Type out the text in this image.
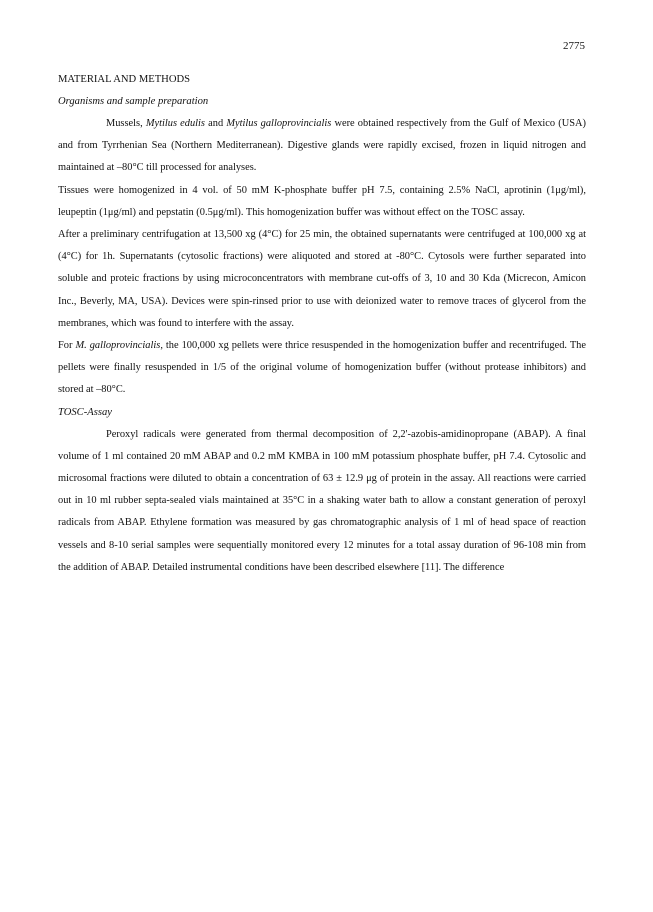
2775
MATERIAL AND METHODS
Organisms and sample preparation

Mussels, Mytilus edulis and Mytilus galloprovincialis were obtained respectively from the Gulf of Mexico (USA) and from Tyrrhenian Sea (Northern Mediterranean). Digestive glands were rapidly excised, frozen in liquid nitrogen and maintained at –80°C till processed for analyses.

Tissues were homogenized in 4 vol. of 50 mM K-phosphate buffer pH 7.5, containing 2.5% NaCl, aprotinin (1μg/ml), leupeptin (1μg/ml) and pepstatin (0.5μg/ml). This homogenization buffer was without effect on the TOSC assay.

After a preliminary centrifugation at 13,500 xg (4°C) for 25 min, the obtained supernatants were centrifuged at 100,000 xg at (4°C) for 1h. Supernatants (cytosolic fractions) were aliquoted and stored at -80°C. Cytosols were further separated into soluble and proteic fractions by using microconcentrators with membrane cut-offs of 3, 10 and 30 Kda (Micrecon, Amicon Inc., Beverly, MA, USA). Devices were spin-rinsed prior to use with deionized water to remove traces of glycerol from the membranes, which was found to interfere with the assay.

For M. galloprovincialis, the 100,000 xg pellets were thrice resuspended in the homogenization buffer and recentrifuged. The pellets were finally resuspended in 1/5 of the original volume of homogenization buffer (without protease inhibitors) and stored at –80°C.

TOSC-Assay

Peroxyl radicals were generated from thermal decomposition of 2,2'-azobis-amidinopropane (ABAP). A final volume of 1 ml contained 20 mM ABAP and 0.2 mM KMBA in 100 mM potassium phosphate buffer, pH 7.4. Cytosolic and microsomal fractions were diluted to obtain a concentration of 63 ± 12.9 μg of protein in the assay. All reactions were carried out in 10 ml rubber septa-sealed vials maintained at 35°C in a shaking water bath to allow a constant generation of peroxyl radicals from ABAP. Ethylene formation was measured by gas chromatographic analysis of 1 ml of head space of reaction vessels and 8-10 serial samples were sequentially monitored every 12 minutes for a total assay duration of 96-108 min from the addition of ABAP. Detailed instrumental conditions have been described elsewhere [11]. The difference
